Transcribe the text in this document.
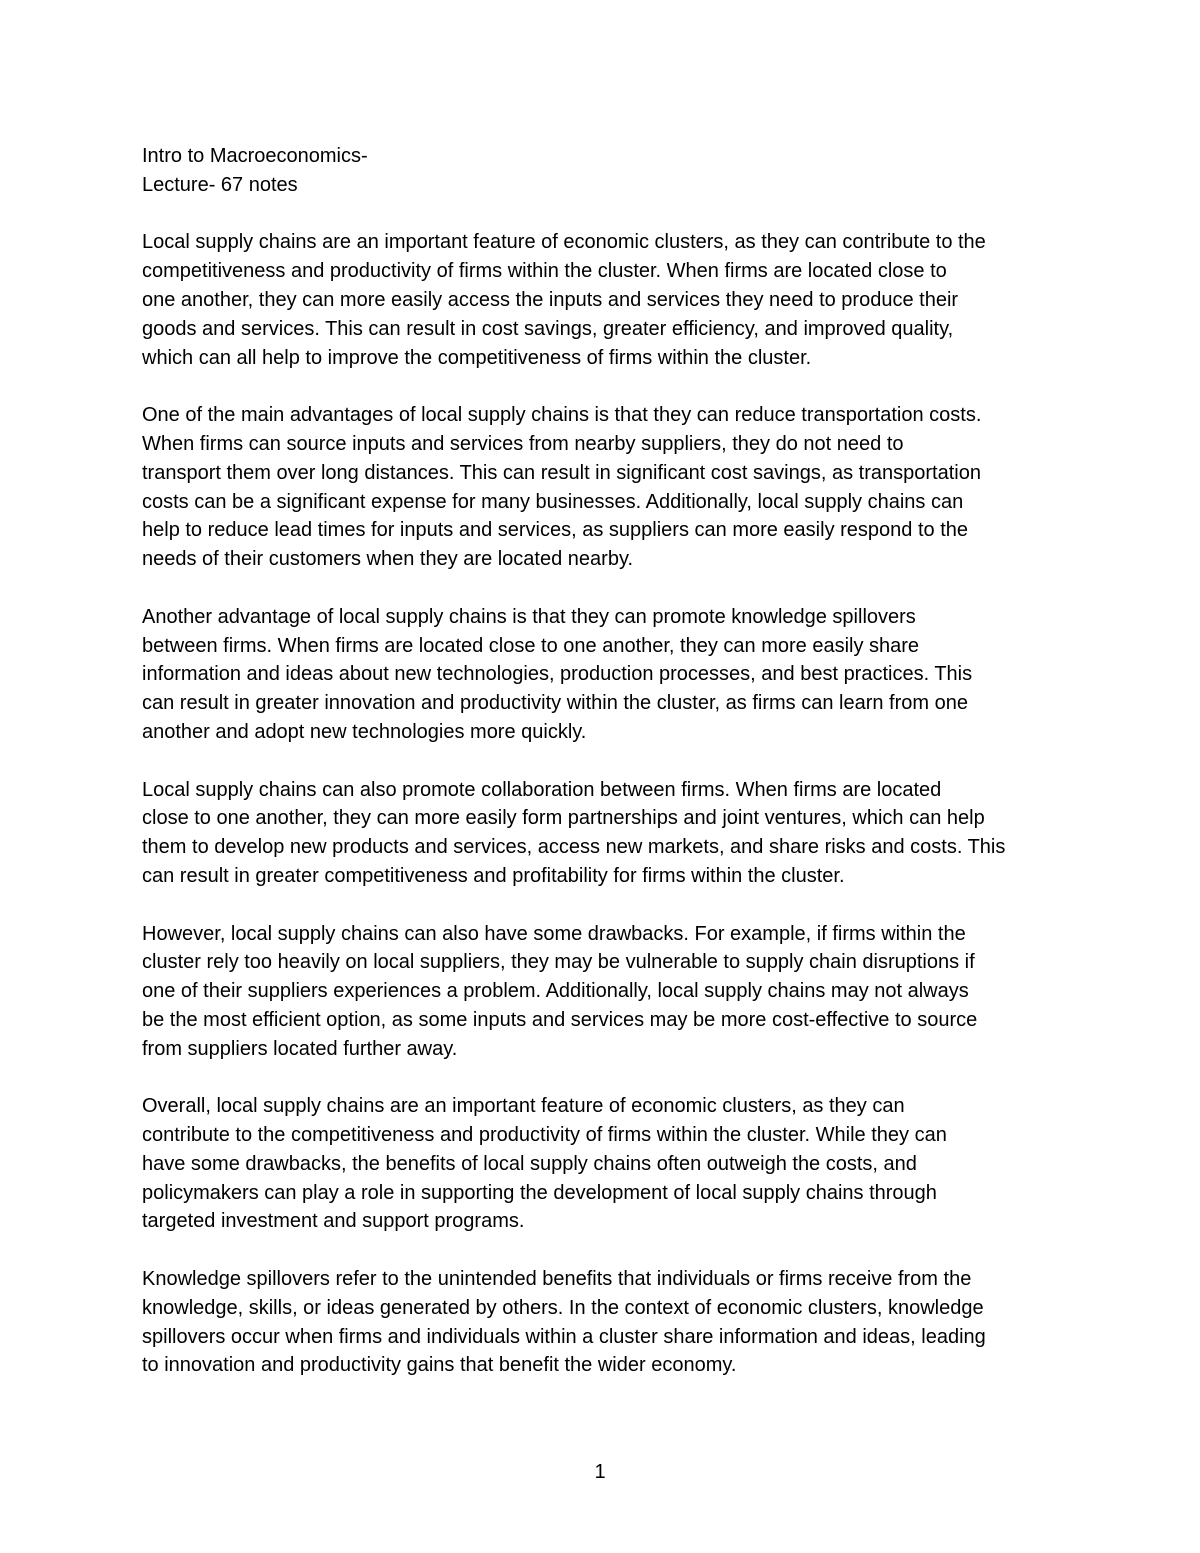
Intro to Macroeconomics-

Lecture- 67 notes

Local supply chains are an important feature of economic clusters, as they can contribute to the
competitiveness and productivity of firms within the cluster. When firms are located close to
one another, they can more easily access the inputs and services they need to produce their
goods and services. This can result in cost savings, greater efficiency, and improved quality,
which can all help to improve the competitiveness of firms within the cluster.

One of the main advantages of local supply chains is that they can reduce transportation costs.
When firms can source inputs and services from nearby suppliers, they do not need to
transport them over long distances. This can result in significant cost savings, as transportation
costs can be a significant expense for many businesses. Additionally, local supply chains can
help to reduce lead times for inputs and services, as suppliers can more easily respond to the
needs of their customers when they are located nearby.

Another advantage of local supply chains is that they can promote knowledge spillovers
between firms. When firms are located close to one another, they can more easily share
information and ideas about new technologies, production processes, and best practices. This
can result in greater innovation and productivity within the cluster, as firms can learn from one
another and adopt new technologies more quickly.

Local supply chains can also promote collaboration between firms. When firms are located
close to one another, they can more easily form partnerships and joint ventures, which can help
them to develop new products and services, access new markets, and share risks and costs. This
can result in greater competitiveness and profitability for firms within the cluster.

However, local supply chains can also have some drawbacks. For example, if firms within the
cluster rely too heavily on local suppliers, they may be vulnerable to supply chain disruptions if
one of their suppliers experiences a problem. Additionally, local supply chains may not always
be the most efficient option, as some inputs and services may be more cost-effective to source
from suppliers located further away.

Overall, local supply chains are an important feature of economic clusters, as they can
contribute to the competitiveness and productivity of firms within the cluster. While they can
have some drawbacks, the benefits of local supply chains often outweigh the costs, and
policymakers can play a role in supporting the development of local supply chains through
targeted investment and support programs.

Knowledge spillovers refer to the unintended benefits that individuals or firms receive from the
knowledge, skills, or ideas generated by others. In the context of economic clusters, knowledge
spillovers occur when firms and individuals within a cluster share information and ideas, leading
to innovation and productivity gains that benefit the wider economy.

1
